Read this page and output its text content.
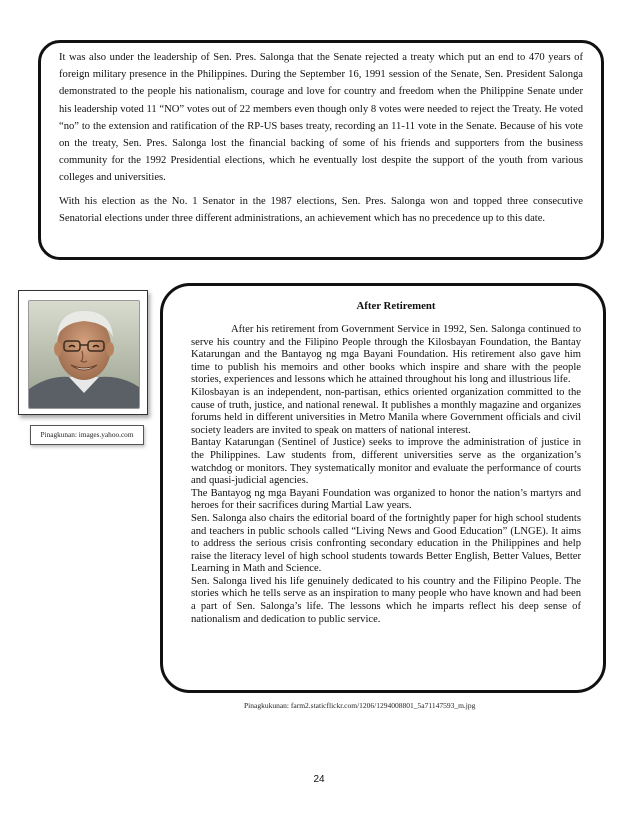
It was also under the leadership of Sen. Pres. Salonga that the Senate rejected a treaty which put an end to 470 years of foreign military presence in the Philippines. During the September 16, 1991 session of the Senate, Sen. President Salonga demonstrated to the people his nationalism, courage and love for country and freedom when the Philippine Senate under his leadership voted 11 “NO” votes out of 22 members even though only 8 votes were needed to reject the Treaty. He voted “no” to the extension and ratification of the RP-US bases treaty, recording an 11-11 vote in the Senate. Because of his vote on the treaty, Sen. Pres. Salonga lost the financial backing of some of his friends and supporters from the business community for the 1992 Presidential elections, which he eventually lost despite the support of the youth from various colleges and universities.

With his election as the No. 1 Senator in the 1987 elections, Sen. Pres. Salonga won and topped three consecutive Senatorial elections under three different administrations, an achievement which has no precedence up to this date.

Pinagkunan: images.yahoo.com
After Retirement
After his retirement from Government Service in 1992, Sen. Salonga continued to serve his country and the Filipino People through the Kilosbayan Foundation, the Bantay Katarungan and the Bantayog ng mga Bayani Foundation. His retirement also gave him time to publish his memoirs and other books which inspire and share with the people stories, experiences and lessons which he attained throughout his long and illustrious life.
Kilosbayan is an independent, non-partisan, ethics oriented organization committed to the cause of truth, justice, and national renewal. It publishes a monthly magazine and organizes forums held in different universities in Metro Manila where Government officials and civil society leaders are invited to speak on matters of national interest.
Bantay Katarungan (Sentinel of Justice) seeks to improve the administration of justice in the Philippines. Law students from, different universities serve as the organization’s watchdog or monitors. They systematically monitor and evaluate the performance of courts and quasi-judicial agencies.
The Bantayog ng mga Bayani Foundation was organized to honor the nation’s martyrs and heroes for their sacrifices during Martial Law years.
Sen. Salonga also chairs the editorial board of the fortnightly paper for high school students and teachers in public schools called “Living News and Good Education” (LNGE). It aims to address the serious crisis confronting secondary education in the Philippines and help raise the literacy level of high school students towards Better English, Better Values, Better Learning in Math and Science.
Sen. Salonga lived his life genuinely dedicated to his country and the Filipino People. The stories which he tells serve as an inspiration to many people who have known and had been a part of Sen. Salonga’s life. The lessons which he imparts reflect his deep sense of nationalism and dedication to public service.
Pinagkukunan: farm2.staticflickr.com/1206/1294008801_5a71147593_m.jpg
24
